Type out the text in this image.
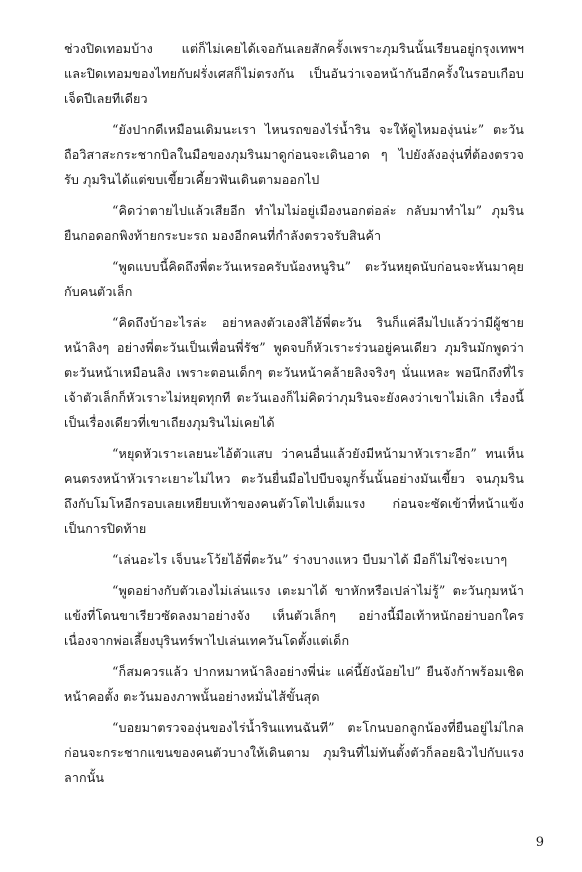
ช่วงปิดเทอมบ้าง แต่ก็ไม่เคยได้เจอกันเลยสักครั้งเพราะภุมรินนั้นเรียนอยู่กรุงเทพฯ และปิดเทอมของไทยกับฝรั่งเศสก็ไม่ตรงกัน เป็นอันว่าเจอหน้ากันอีกครั้งในรอบเกือบเจ็ดปีเลยทีเดียว

“ยังปากดีเหมือนเดิมนะเรา ไหนรถของไร่น้ำริน จะให้ดูไหมองุ่นน่ะ” ตะวันถือวิสาสะกระชากบิลในมือของภุมรินมาดูก่อนจะเดินอาด ๆ ไปยังลังองุ่นที่ต้องตรวจรับ ภุมรินได้แต่ขบเขี้ยวเคี้ยวฟันเดินตามออกไป

“คิดว่าตายไปแล้วเสียอีก ทำไมไม่อยู่เมืองนอกต่อล่ะ กลับมาทำไม” ภุมรินยืนกอดอกพิงท้ายกระบะรถ มองอีกคนที่กำลังตรวจรับสินค้า

“พูดแบบนี้คิดถึงพี่ตะวันเหรอครับน้องหนูริน” ตะวันหยุดนับก่อนจะหันมาคุยกับคนตัวเล็ก

“คิดถึงบ้าอะไรล่ะ อย่าหลงตัวเองสิไอ้พี่ตะวัน รินก็แค่ลืมไปแล้วว่ามีผู้ชายหน้าลิงๆ อย่างพี่ตะวันเป็นเพื่อนพี่รัช” พูดจบก็หัวเราะร่วนอยู่คนเดียว ภุมรินมักพูดว่าตะวันหน้าเหมือนลิง เพราะตอนเด็กๆ ตะวันหน้าคล้ายลิงจริงๆ นั่นแหละ พอนึกถึงที่ไรเจ้าตัวเล็กก็หัวเราะไม่หยุดทุกที ตะวันเองก็ไม่คิดว่าภุมรินจะยังคงว่าเขาไม่เลิก เรื่องนี้เป็นเรื่องเดียวที่เขาเถียงภุมรินไม่เคยได้

“หยุดหัวเราะเลยนะไอ้ตัวแสบ ว่าคนอื่นแล้วยังมีหน้ามาหัวเราะอีก” ทนเห็นคนตรงหน้าหัวเราะเยาะไม่ไหว ตะวันยื่นมือไปบีบจมูกรั้นนั้นอย่างมันเขี้ยว จนภุมรินถึงกับโมโหอีกรอบเลยเหยียบเท้าของคนตัวโตไปเต็มแรง ก่อนจะซัดเข้าที่หน้าแข้งเป็นการปิดท้าย

“เล่นอะไร เจ็บนะโว้ยไอ้พี่ตะวัน” ร่างบางแหว บีบมาได้ มือก็ไม่ใช่จะเบาๆ

“พูดอย่างกับตัวเองไม่เล่นแรง เตะมาได้ ขาหักหรือเปล่าไม่รู้” ตะวันกุมหน้าแข้งที่โดนขาเรียวซัดลงมาอย่างจัง เห็นตัวเล็กๆ อย่างนี้มือเท้าหนักอย่าบอกใคร เนื่องจากพ่อเลี้ยงบุรินทร์พาไปเล่นเทควันโดตั้งแต่เด็ก

“ก็สมควรแล้ว ปากหมาหน้าลิงอย่างพี่น่ะ แค่นี้ยังน้อยไป” ยืนจังก้าพร้อมเชิดหน้าคอตั้ง ตะวันมองภาพนั้นอย่างหมั่นไส้ขั้นสุด

“บอยมาตรวจองุ่นของไร่น้ำรินแทนฉันที” ตะโกนบอกลูกน้องที่ยืนอยู่ไม่ไกลก่อนจะกระชากแขนของคนตัวบางให้เดินตาม ภุมรินที่ไม่ทันตั้งตัวก็ลอยฉิวไปกับแรงลากนั้น

9
